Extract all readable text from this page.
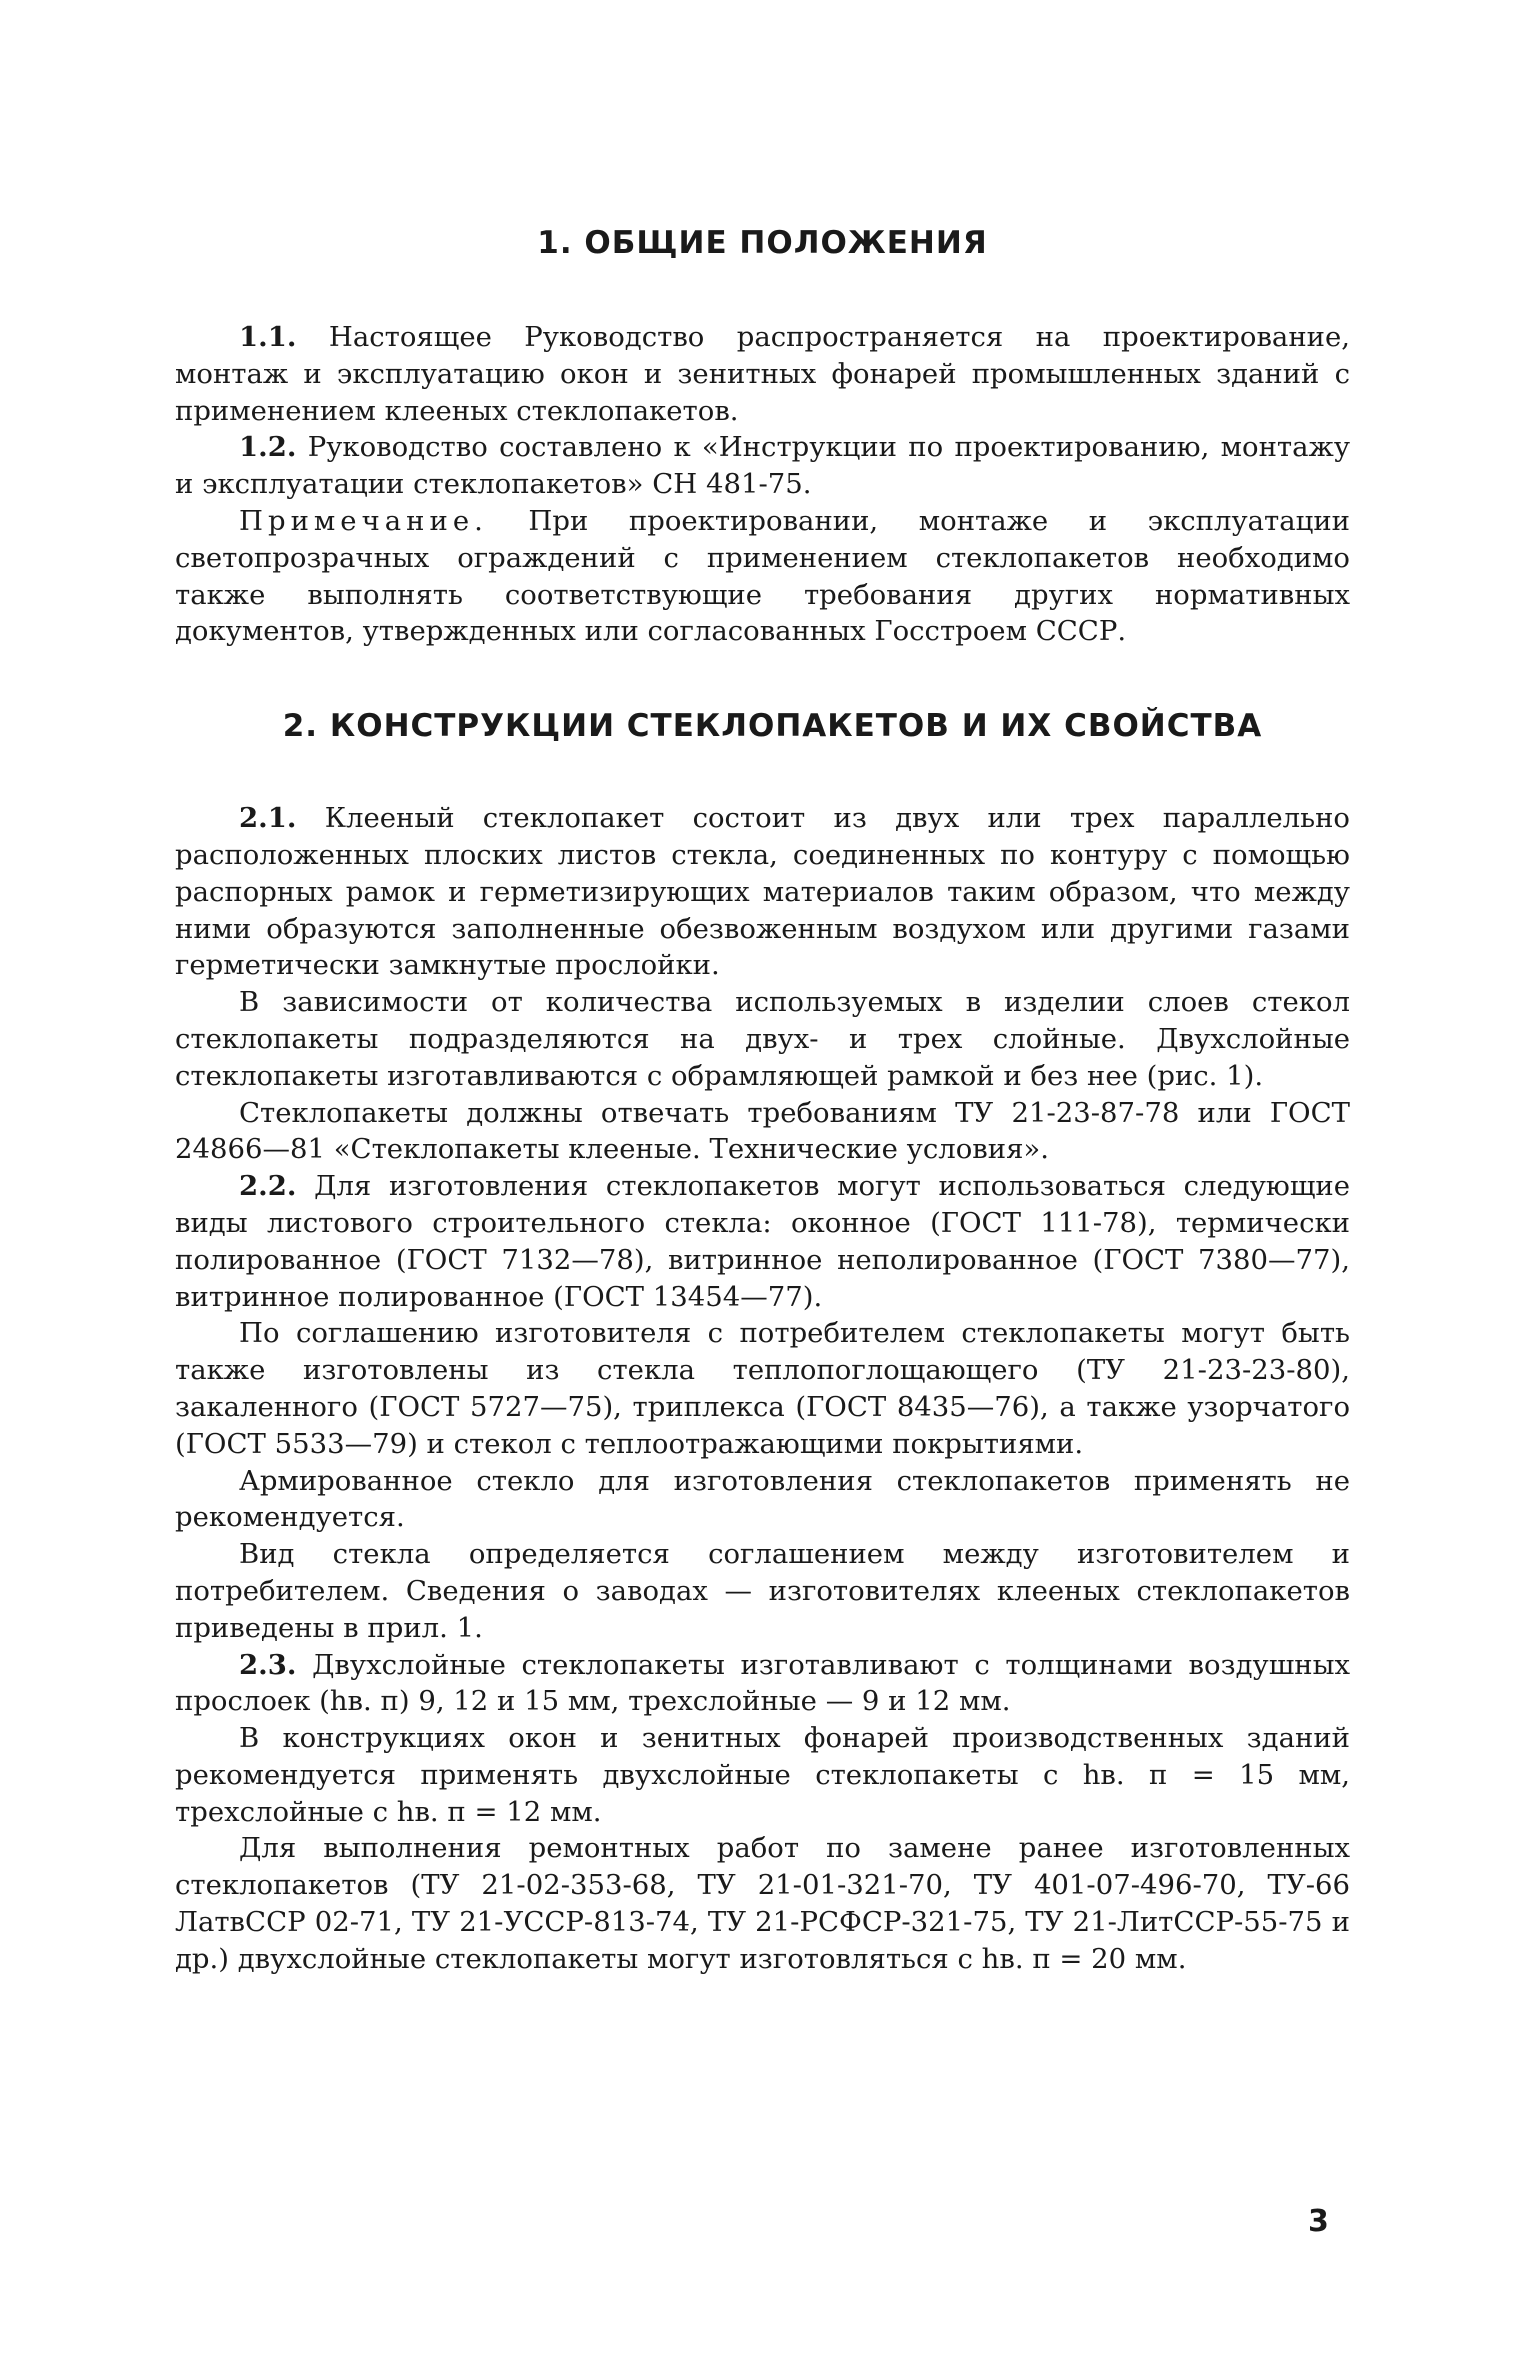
1. ОБЩИЕ ПОЛОЖЕНИЯ

1.1. Настоящее Руководство распространяется на проектирование, монтаж и эксплуатацию окон и зенитных фонарей промышленных зданий с применением клееных стеклопакетов.

1.2. Руководство составлено к «Инструкции по проектированию, монтажу и эксплуатации стеклопакетов» СН 481-75.

Примечание. При проектировании, монтаже и эксплуатации светопрозрачных ограждений с применением стеклопакетов необходимо также выполнять соответствующие требования других нормативных документов, утвержденных или согласованных Госстроем СССР.

2. КОНСТРУКЦИИ СТЕКЛОПАКЕТОВ И ИХ СВОЙСТВА

2.1. Клееный стеклопакет состоит из двух или трех параллельно расположенных плоских листов стекла, соединенных по контуру с помощью распорных рамок и герметизирующих материалов таким образом, что между ними образуются заполненные обезвоженным воздухом или другими газами герметически замкнутые прослойки.

В зависимости от количества используемых в изделии слоев стекол стеклопакеты подразделяются на двух- и трех слойные. Двухслойные стеклопакеты изготавливаются с обрамляющей рамкой и без нее (рис. 1).

Стеклопакеты должны отвечать требованиям ТУ 21-23-87-78 или ГОСТ 24866—81 «Стеклопакеты клееные. Технические условия».

2.2. Для изготовления стеклопакетов могут использоваться следующие виды листового строительного стекла: оконное (ГОСТ 111-78), термически полированное (ГОСТ 7132—78), витринное неполированное (ГОСТ 7380—77), витринное полированное (ГОСТ 13454—77).

По соглашению изготовителя с потребителем стеклопакеты могут быть также изготовлены из стекла теплопоглощающего (ТУ 21-23-23-80), закаленного (ГОСТ 5727—75), триплекса (ГОСТ 8435—76), а также узорчатого (ГОСТ 5533—79) и стекол с теплоотражающими покрытиями.

Армированное стекло для изготовления стеклопакетов применять не рекомендуется.

Вид стекла определяется соглашением между изготовителем и потребителем. Сведения о заводах — изготовителях клееных стеклопакетов приведены в прил. 1.

2.3. Двухслойные стеклопакеты изготавливают с толщинами воздушных прослоек (hв. п) 9, 12 и 15 мм, трехслойные — 9 и 12 мм.

В конструкциях окон и зенитных фонарей производственных зданий рекомендуется применять двухслойные стеклопакеты с hв. п = 15 мм, трехслойные с hв. п = 12 мм.

Для выполнения ремонтных работ по замене ранее изготовленных стеклопакетов (ТУ 21-02-353-68, ТУ 21-01-321-70, ТУ 401-07-496-70, ТУ-66 ЛатвССР 02-71, ТУ 21-УССР-813-74, ТУ 21-РСФСР-321-75, ТУ 21-ЛитССР-55-75 и др.) двухслойные стеклопакеты могут изготовляться с hв. п = 20 мм.

3
